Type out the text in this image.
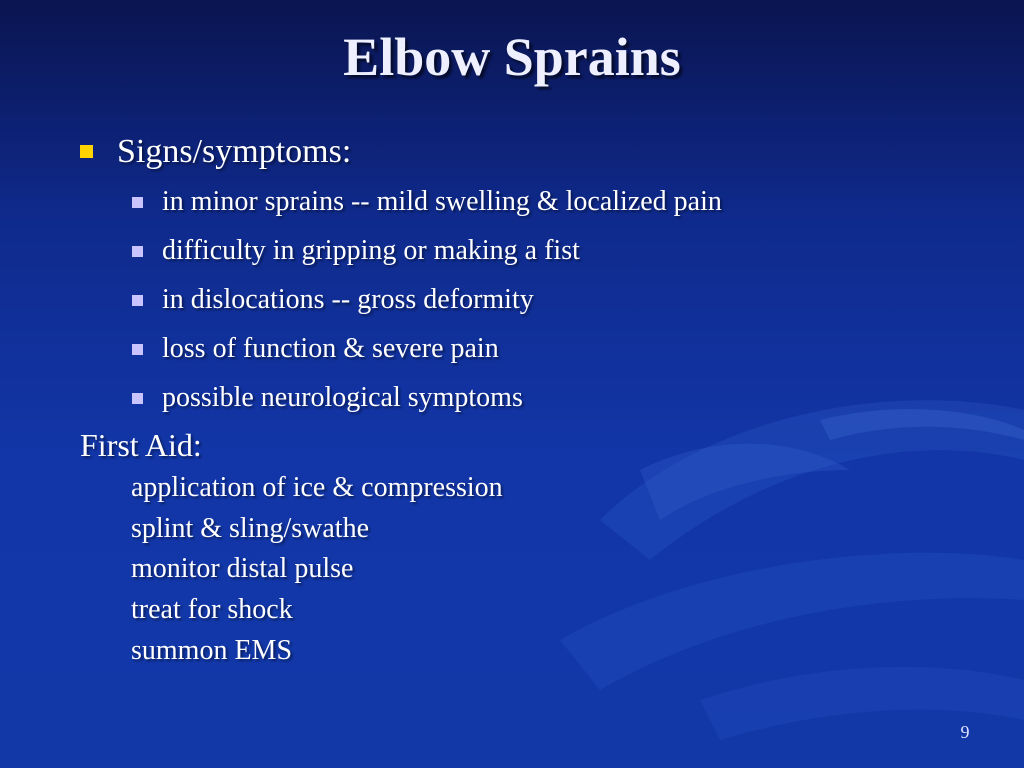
Elbow Sprains
Signs/symptoms:
in minor sprains -- mild swelling & localized pain
difficulty in gripping or making a fist
in dislocations -- gross deformity
loss of function & severe pain
possible neurological symptoms
First Aid:
application of ice & compression
splint & sling/swathe
monitor distal pulse
treat for shock
summon EMS
9
